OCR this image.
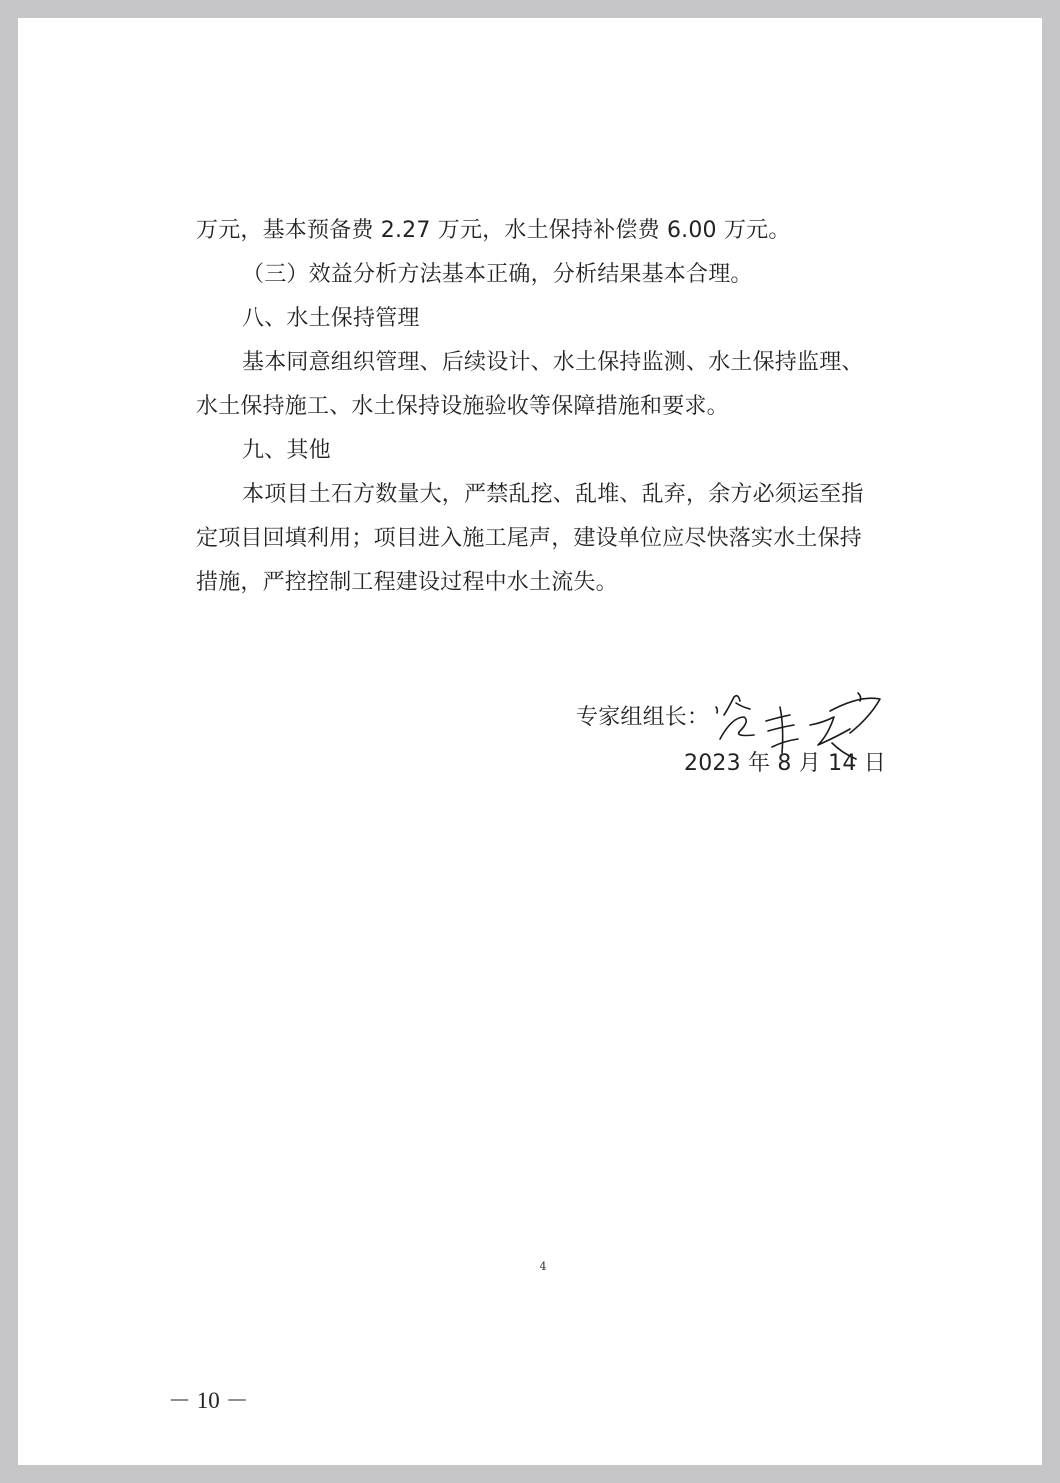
万元，基本预备费 2.27 万元，水土保持补偿费 6.00 万元。
（三）效益分析方法基本正确，分析结果基本合理。
八、水土保持管理
基本同意组织管理、后续设计、水土保持监测、水土保持监理、
水土保持施工、水土保持设施验收等保障措施和要求。
九、其他
本项目土石方数量大，严禁乱挖、乱堆、乱弃，余方必须运至指
定项目回填利用；项目进入施工尾声，建设单位应尽快落实水土保持
措施，严控控制工程建设过程中水土流失。
专家组组长：
2023 年 8 月 14 日
4
－ 10 －
